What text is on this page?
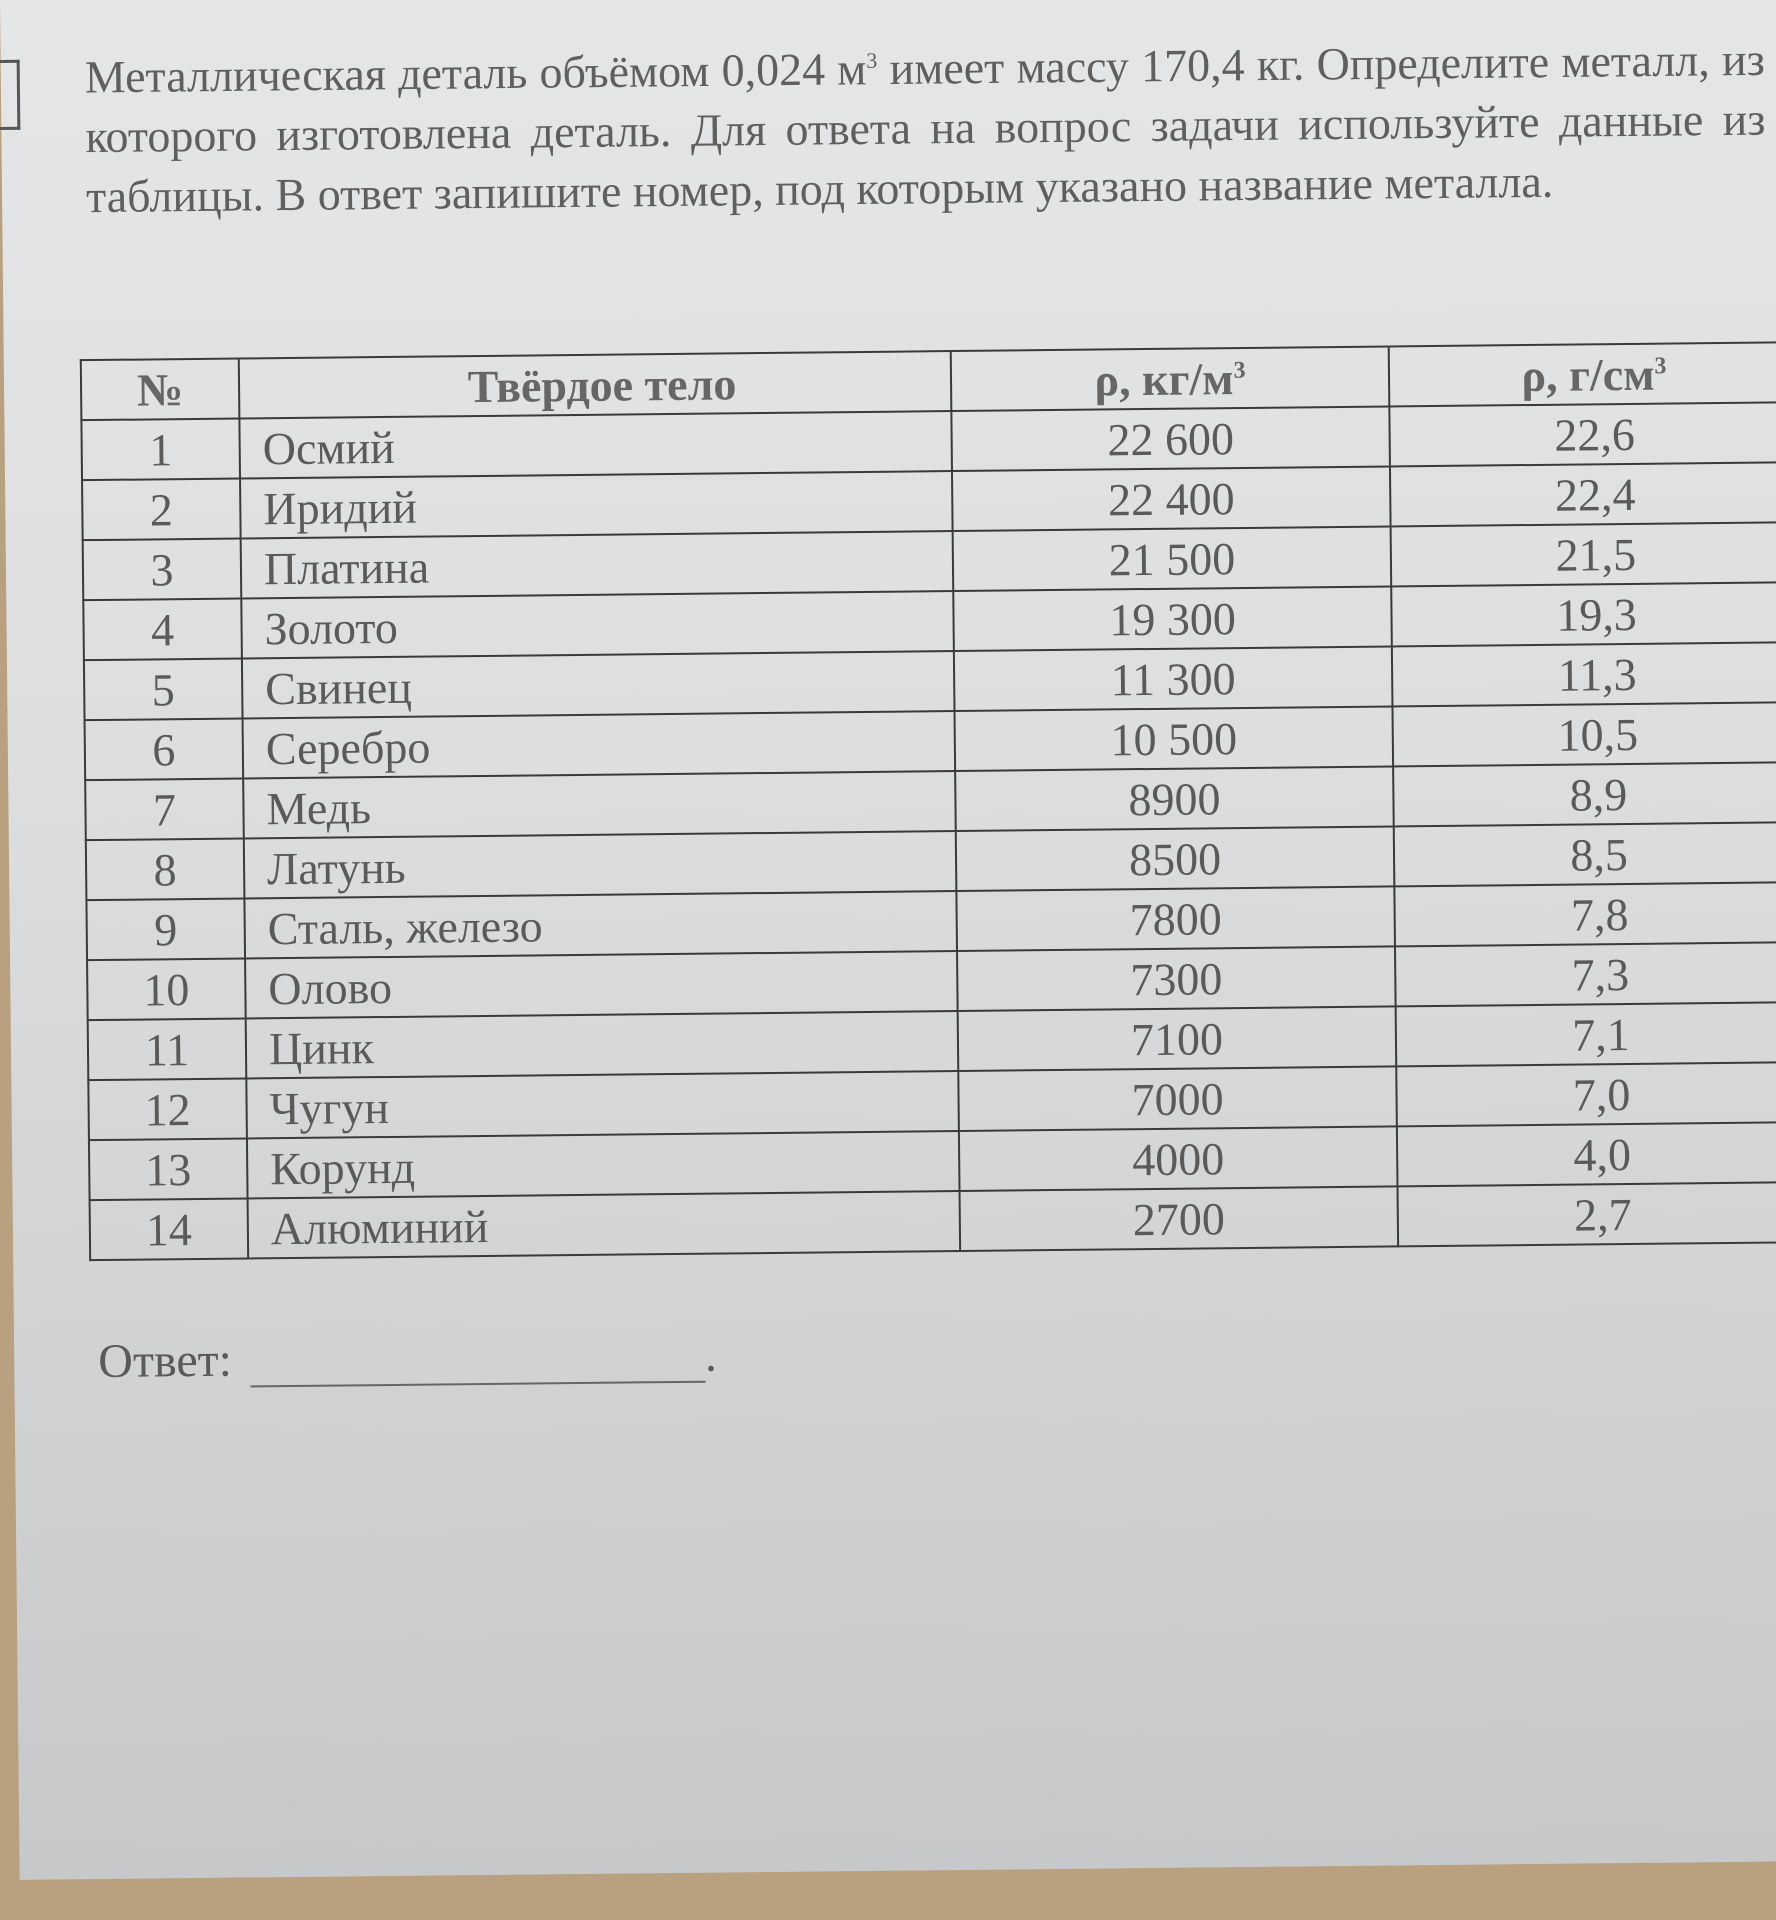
Металлическая деталь объёмом 0,024 $м^3$ имеет массу 170,4 кг. Определите металл, из которого изготовлена деталь. Для ответа на вопрос задачи используйте данные из таблицы. В ответ запишите номер, под которым указано название металла.
№	Твёрдое тело	ρ, $кг/м^3$	ρ, $г/см^3$
1	Осмий	22 600	22,6
2	Иридий	22 400	22,4
3	Платина	21 500	21,5
4	Золото	19 300	19,3
5	Свинец	11 300	11,3
6	Серебро	10 500	10,5
7	Медь	8900	8,9
8	Латунь	8500	8,5
9	Сталь, железо	7800	7,8
10	Олово	7300	7,3
11	Цинк	7100	7,1
12	Чугун	7000	7,0
13	Корунд	4000	4,0
14	Алюминий	2700	2,7
Ответ:	.
